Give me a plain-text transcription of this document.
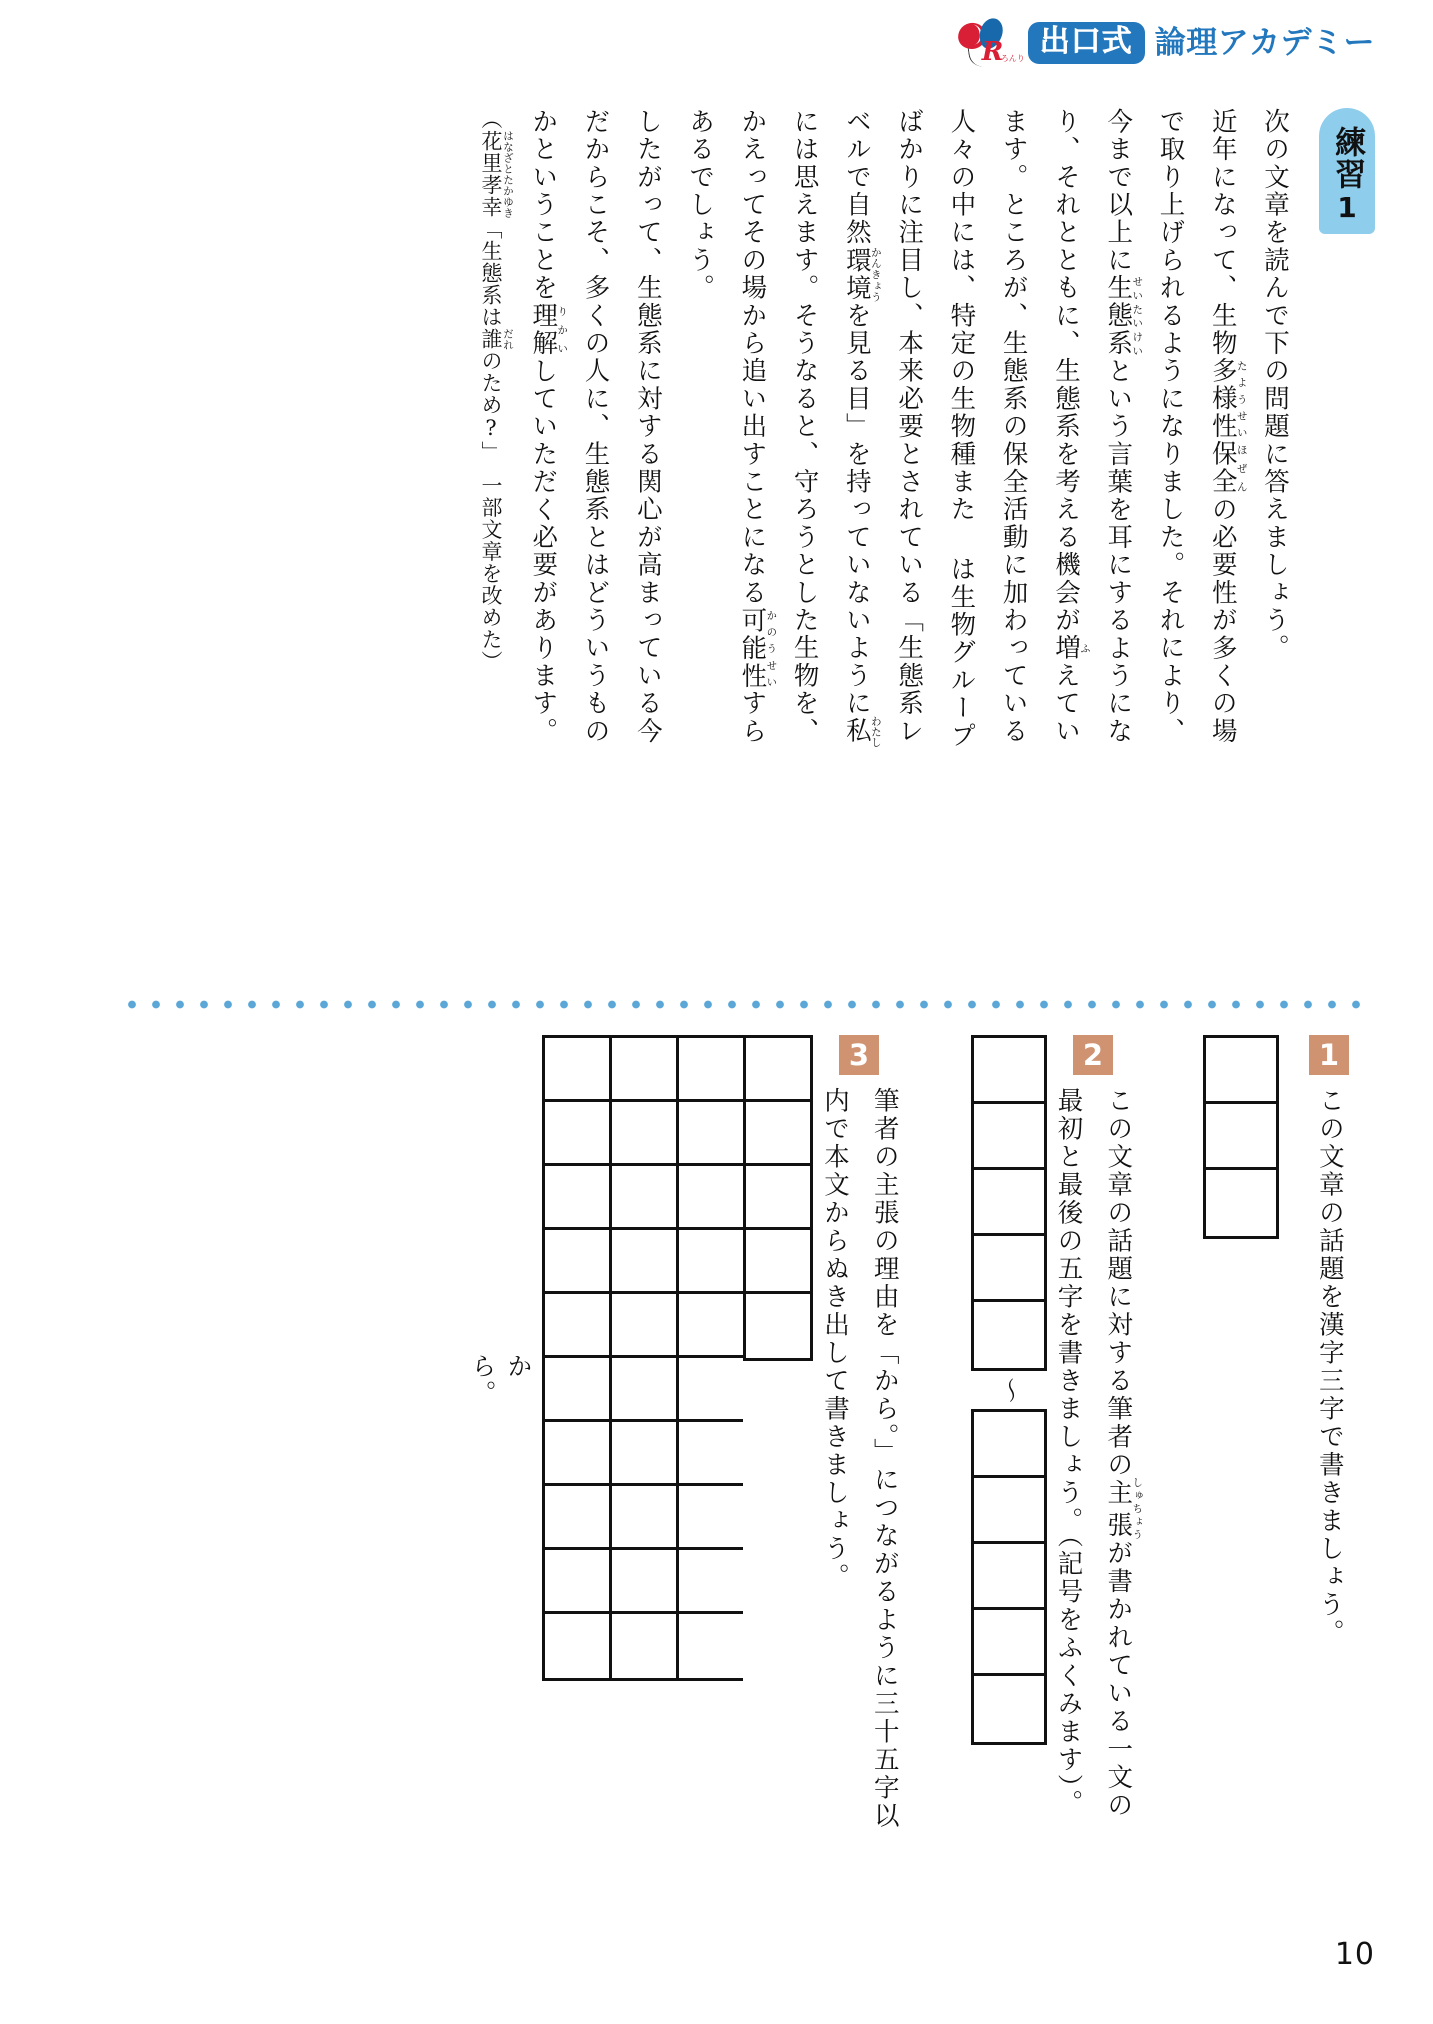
R
ろんり 出口式 論理アカデミー
練習
1
次の文章を読んで下の問題に答えましょう。
近年になって、生物多様性たようせい保全ほぜんの必要性が多くの場で取り上げられるようになりました。それにより、今まで以上に生態系せいたいけいという言葉を耳にするようになり、それとともに、生態系を考える機会が増ふえています。ところが、生態系の保全活動に加わっている人々の中には、特定の生物種また は生物グループばかりに注目し、本来必要とされている「生態系レベルで自然環境かんきょうを見る目」を持っていないように私わたしには思えます。そうなると、守ろうとした生物を、かえってその場から追い出すことになる可能性かのうせいすらあるでしょう。
したがって、生態系に対する関心が高まっている今だからこそ、多くの人に、生態系とはどういうものかということを理解りかいしていただく必要があります。
（花里孝幸 はなざとたかゆき「生態系は誰 だれのため?」　一部文章を改めた）
1
この文章の話題を漢字三字で書きましょう。
2
この文章の話題に対する筆者の主張しゅちょうが書かれている一文の最初と最後の五字を書きましょう。（記号をふくみます）。
〜
3
筆者の主張の理由を「から。」につながるように三十五字以内で本文からぬき出して書きましょう。
から。
10
